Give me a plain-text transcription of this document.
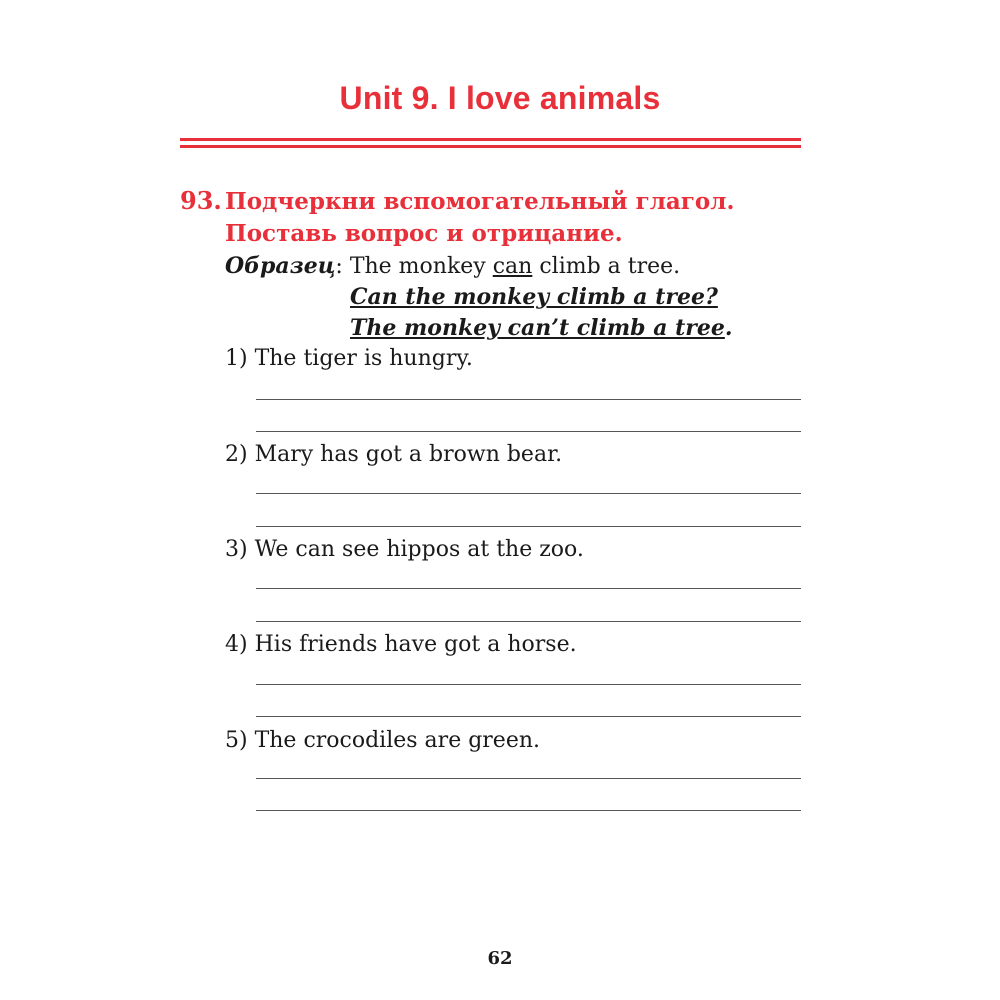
Unit 9. I love animals
93. Подчеркни вспомогательный глагол. Поставь вопрос и отрицание.
Образец: The monkey can climb a tree.
Can the monkey climb a tree?
The monkey can’t climb a tree.
1) The tiger is hungry.
2) Mary has got a brown bear.
3) We can see hippos at the zoo.
4) His friends have got a horse.
5) The crocodiles are green.
62
